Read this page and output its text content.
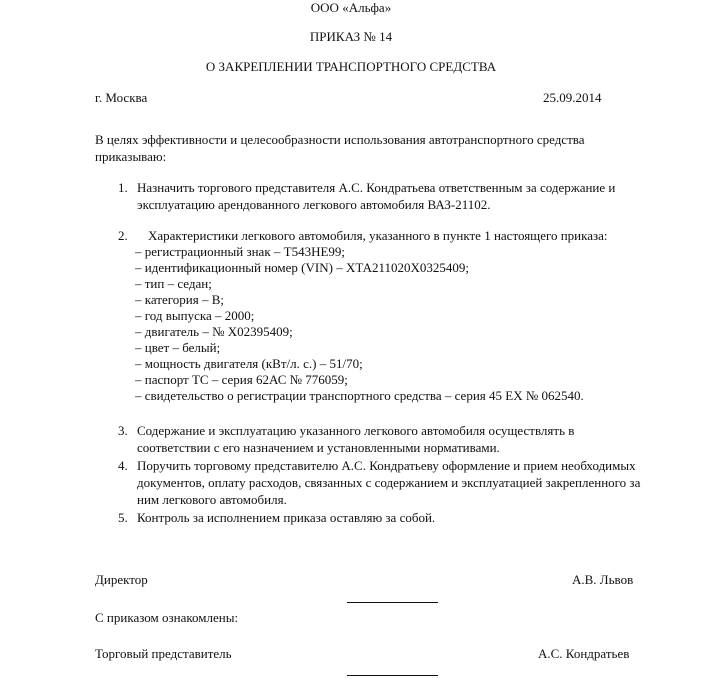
ООО «Альфа»
ПРИКАЗ № 14
О ЗАКРЕПЛЕНИИ ТРАНСПОРТНОГО СРЕДСТВА
г. Москва	25.09.2014
В целях эффективности и целесообразности использования автотранспортного средства
приказываю:
1. Назначить торгового представителя А.С. Кондратьева ответственным за содержание и
эксплуатацию арендованного легкового автомобиля ВАЗ-21102.
2. Характеристики легкового автомобиля, указанного в пункте 1 настоящего приказа:
– регистрационный знак – Т543НЕ99;
– идентификационный номер (VIN) – ХТА211020Х0325409;
– тип – седан;
– категория – В;
– год выпуска – 2000;
– двигатель – № Х02395409;
– цвет – белый;
– мощность двигателя (кВт/л. с.) – 51/70;
– паспорт ТС – серия 62АС № 776059;
– свидетельство о регистрации транспортного средства – серия 45 ЕХ № 062540.
3. Содержание и эксплуатацию указанного легкового автомобиля осуществлять в
соответствии с его назначением и установленными нормативами.
4. Поручить торговому представителю А.С. Кондратьеву оформление и прием необходимых
документов, оплату расходов, связанных с содержанием и эксплуатацией закрепленного за
ним легкового автомобиля.
5. Контроль за исполнением приказа оставляю за собой.
Директор	А.В. Львов
С приказом ознакомлены:
Торговый представитель	А.С. Кондратьев
